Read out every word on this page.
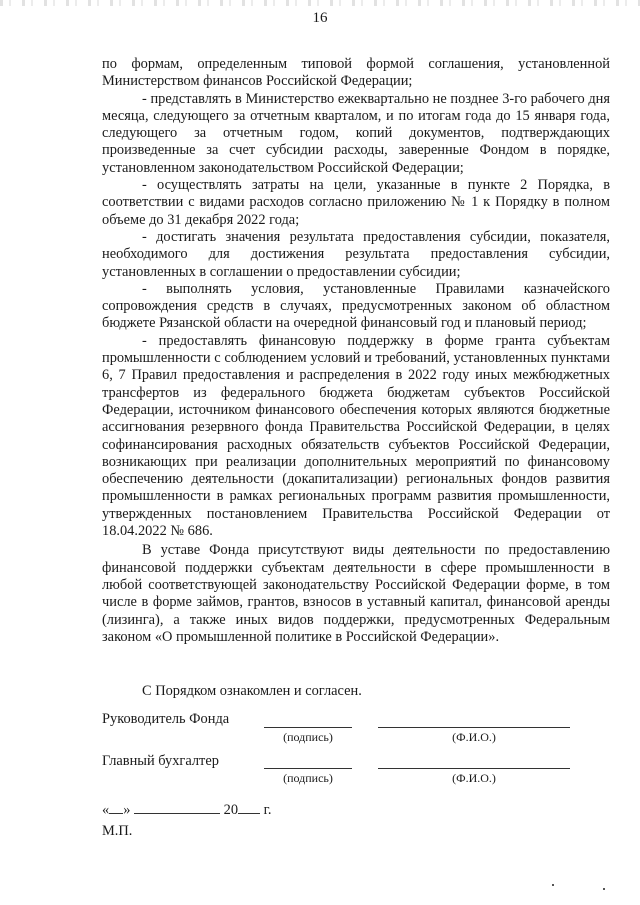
16

по формам, определенным типовой формой соглашения, установленной Министерством финансов Российской Федерации;

- представлять в Министерство ежеквартально не позднее 3-го рабочего дня месяца, следующего за отчетным кварталом, и по итогам года до 15 января года, следующего за отчетным годом, копий документов, подтверждающих произведенные за счет субсидии расходы, заверенные Фондом в порядке, установленном законодательством Российской Федерации;

- осуществлять затраты на цели, указанные в пункте 2 Порядка, в соответствии с видами расходов согласно приложению № 1 к Порядку в полном объеме до 31 декабря 2022 года;

- достигать значения результата предоставления субсидии, показателя, необходимого для достижения результата предоставления субсидии, установленных в соглашении о предоставлении субсидии;

- выполнять условия, установленные Правилами казначейского сопровождения средств в случаях, предусмотренных законом об областном бюджете Рязанской области на очередной финансовый год и плановый период;

- предоставлять финансовую поддержку в форме гранта субъектам промышленности с соблюдением условий и требований, установленных пунктами 6, 7 Правил предоставления и распределения в 2022 году иных межбюджетных трансфертов из федерального бюджета бюджетам субъектов Российской Федерации, источником финансового обеспечения которых являются бюджетные ассигнования резервного фонда Правительства Российской Федерации, в целях софинансирования расходных обязательств субъектов Российской Федерации, возникающих при реализации дополнительных мероприятий по финансовому обеспечению деятельности (докапитализации) региональных фондов развития промышленности в рамках региональных программ развития промышленности, утвержденных постановлением Правительства Российской Федерации от 18.04.2022 № 686.

В уставе Фонда присутствуют виды деятельности по предоставлению финансовой поддержки субъектам деятельности в сфере промышленности в любой соответствующей законодательству Российской Федерации форме, в том числе в форме займов, грантов, взносов в уставный капитал, финансовой аренды (лизинга), а также иных видов поддержки, предусмотренных Федеральным законом «О промышленной политике в Российской Федерации».

С Порядком ознакомлен и согласен.
Руководитель Фонда
(подпись)	(Ф.И.О.)
Главный бухгалтер
(подпись)	(Ф.И.О.)
« »	20 г.
М.П.
